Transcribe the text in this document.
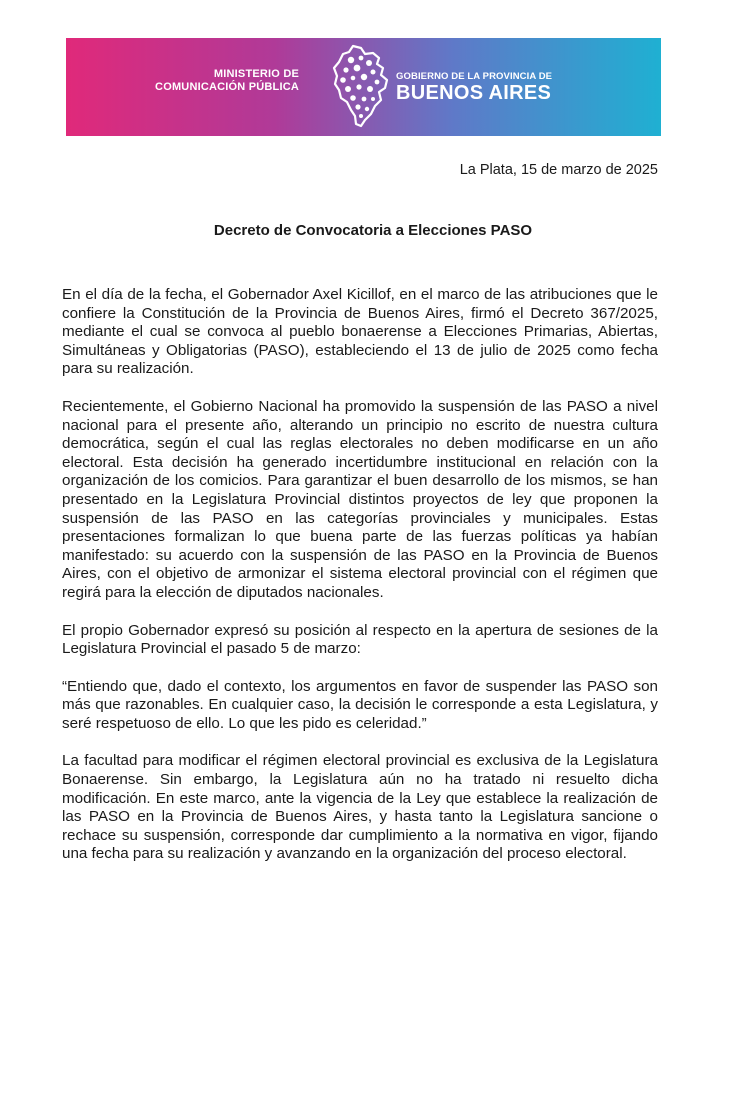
MINISTERIO DE
COMUNICACIÓN PÚBLICA
GOBIERNO DE LA PROVINCIA DE
BUENOS AIRES
La Plata, 15 de marzo de 2025
Decreto de Convocatoria a Elecciones PASO

En el día de la fecha, el Gobernador Axel Kicillof, en el marco de las atribuciones que le confiere la Constitución de la Provincia de Buenos Aires, firmó el Decreto 367/2025, mediante el cual se convoca al pueblo bonaerense a Elecciones Primarias, Abiertas, Simultáneas y Obligatorias (PASO), estableciendo el 13 de julio de 2025 como fecha para su realización.

Recientemente, el Gobierno Nacional ha promovido la suspensión de las PASO a nivel nacional para el presente año, alterando un principio no escrito de nuestra cultura democrática, según el cual las reglas electorales no deben modificarse en un año electoral. Esta decisión ha generado incertidumbre institucional en relación con la organización de los comicios. Para garantizar el buen desarrollo de los mismos, se han presentado en la Legislatura Provincial distintos proyectos de ley que proponen la suspensión de las PASO en las categorías provinciales y municipales. Estas presentaciones formalizan lo que buena parte de las fuerzas políticas ya habían manifestado: su acuerdo con la suspensión de las PASO en la Provincia de Buenos Aires, con el objetivo de armonizar el sistema electoral provincial con el régimen que regirá para la elección de diputados nacionales.

El propio Gobernador expresó su posición al respecto en la apertura de sesiones de la Legislatura Provincial el pasado 5 de marzo:

“Entiendo que, dado el contexto, los argumentos en favor de suspender las PASO son más que razonables. En cualquier caso, la decisión le corresponde a esta Legislatura, y seré respetuoso de ello. Lo que les pido es celeridad.”

La facultad para modificar el régimen electoral provincial es exclusiva de la Legislatura Bonaerense. Sin embargo, la Legislatura aún no ha tratado ni resuelto dicha modificación. En este marco, ante la vigencia de la Ley que establece la realización de las PASO en la Provincia de Buenos Aires, y hasta tanto la Legislatura sancione o rechace su suspensión, corresponde dar cumplimiento a la normativa en vigor, fijando una fecha para su realización y avanzando en la organización del proceso electoral.
